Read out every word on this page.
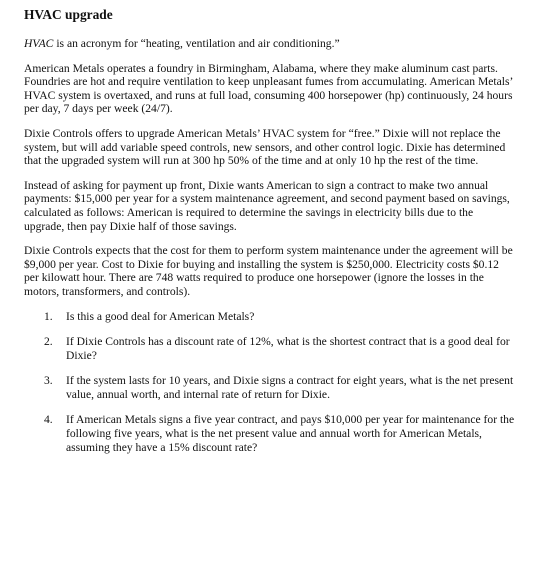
HVAC upgrade

HVAC is an acronym for “heating, ventilation and air conditioning.”

American Metals operates a foundry in Birmingham, Alabama, where they make aluminum cast parts. Foundries are hot and require ventilation to keep unpleasant fumes from accumulating. American Metals’ HVAC system is overtaxed, and runs at full load, consuming 400 horsepower (hp) continuously, 24 hours per day, 7 days per week (24/7).

Dixie Controls offers to upgrade American Metals’ HVAC system for “free.” Dixie will not replace the system, but will add variable speed controls, new sensors, and other control logic. Dixie has determined that the upgraded system will run at 300 hp 50% of the time and at only 10 hp the rest of the time.

Instead of asking for payment up front, Dixie wants American to sign a contract to make two annual payments: $15,000 per year for a system maintenance agreement, and second payment based on savings, calculated as follows: American is required to determine the savings in electricity bills due to the upgrade, then pay Dixie half of those savings.

Dixie Controls expects that the cost for them to perform system maintenance under the agreement will be $9,000 per year. Cost to Dixie for buying and installing the system is $250,000. Electricity costs $0.12 per kilowatt hour. There are 748 watts required to produce one horsepower (ignore the losses in the motors, transformers, and controls).

1. Is this a good deal for American Metals?
2. If Dixie Controls has a discount rate of 12%, what is the shortest contract that is a good deal for Dixie?
3. If the system lasts for 10 years, and Dixie signs a contract for eight years, what is the net present value, annual worth, and internal rate of return for Dixie.
4. If American Metals signs a five year contract, and pays $10,000 per year for maintenance for the following five years, what is the net present value and annual worth for American Metals, assuming they have a 15% discount rate?
